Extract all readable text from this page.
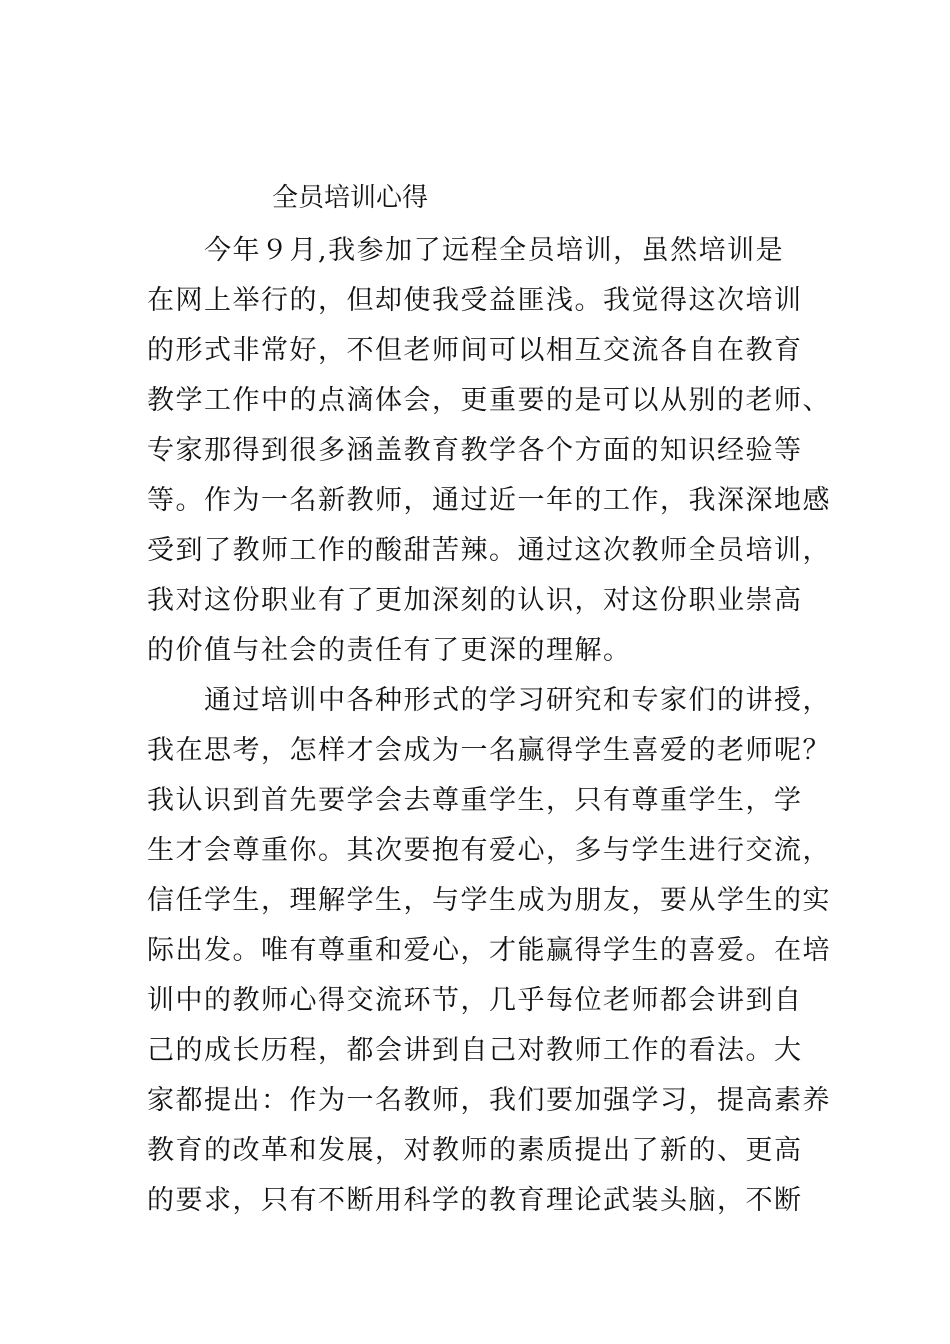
全员培训心得
今年９月,我参加了远程全员培训，虽然培训是
在网上举行的，但却使我受益匪浅。我觉得这次培训
的形式非常好，不但老师间可以相互交流各自在教育
教学工作中的点滴体会，更重要的是可以从别的老师、
专家那得到很多涵盖教育教学各个方面的知识经验等
等。作为一名新教师，通过近一年的工作，我深深地感
受到了教师工作的酸甜苦辣。通过这次教师全员培训，
我对这份职业有了更加深刻的认识，对这份职业崇高
的价值与社会的责任有了更深的理解。
通过培训中各种形式的学习研究和专家们的讲授，
我在思考，怎样才会成为一名赢得学生喜爱的老师呢？
我认识到首先要学会去尊重学生，只有尊重学生，学
生才会尊重你。其次要抱有爱心，多与学生进行交流，
信任学生，理解学生，与学生成为朋友，要从学生的实
际出发。唯有尊重和爱心，才能赢得学生的喜爱。在培
训中的教师心得交流环节，几乎每位老师都会讲到自
己的成长历程，都会讲到自己对教师工作的看法。大
家都提出：作为一名教师，我们要加强学习，提高素养
教育的改革和发展，对教师的素质提出了新的、更高
的要求，只有不断用科学的教育理论武装头脑，不断
